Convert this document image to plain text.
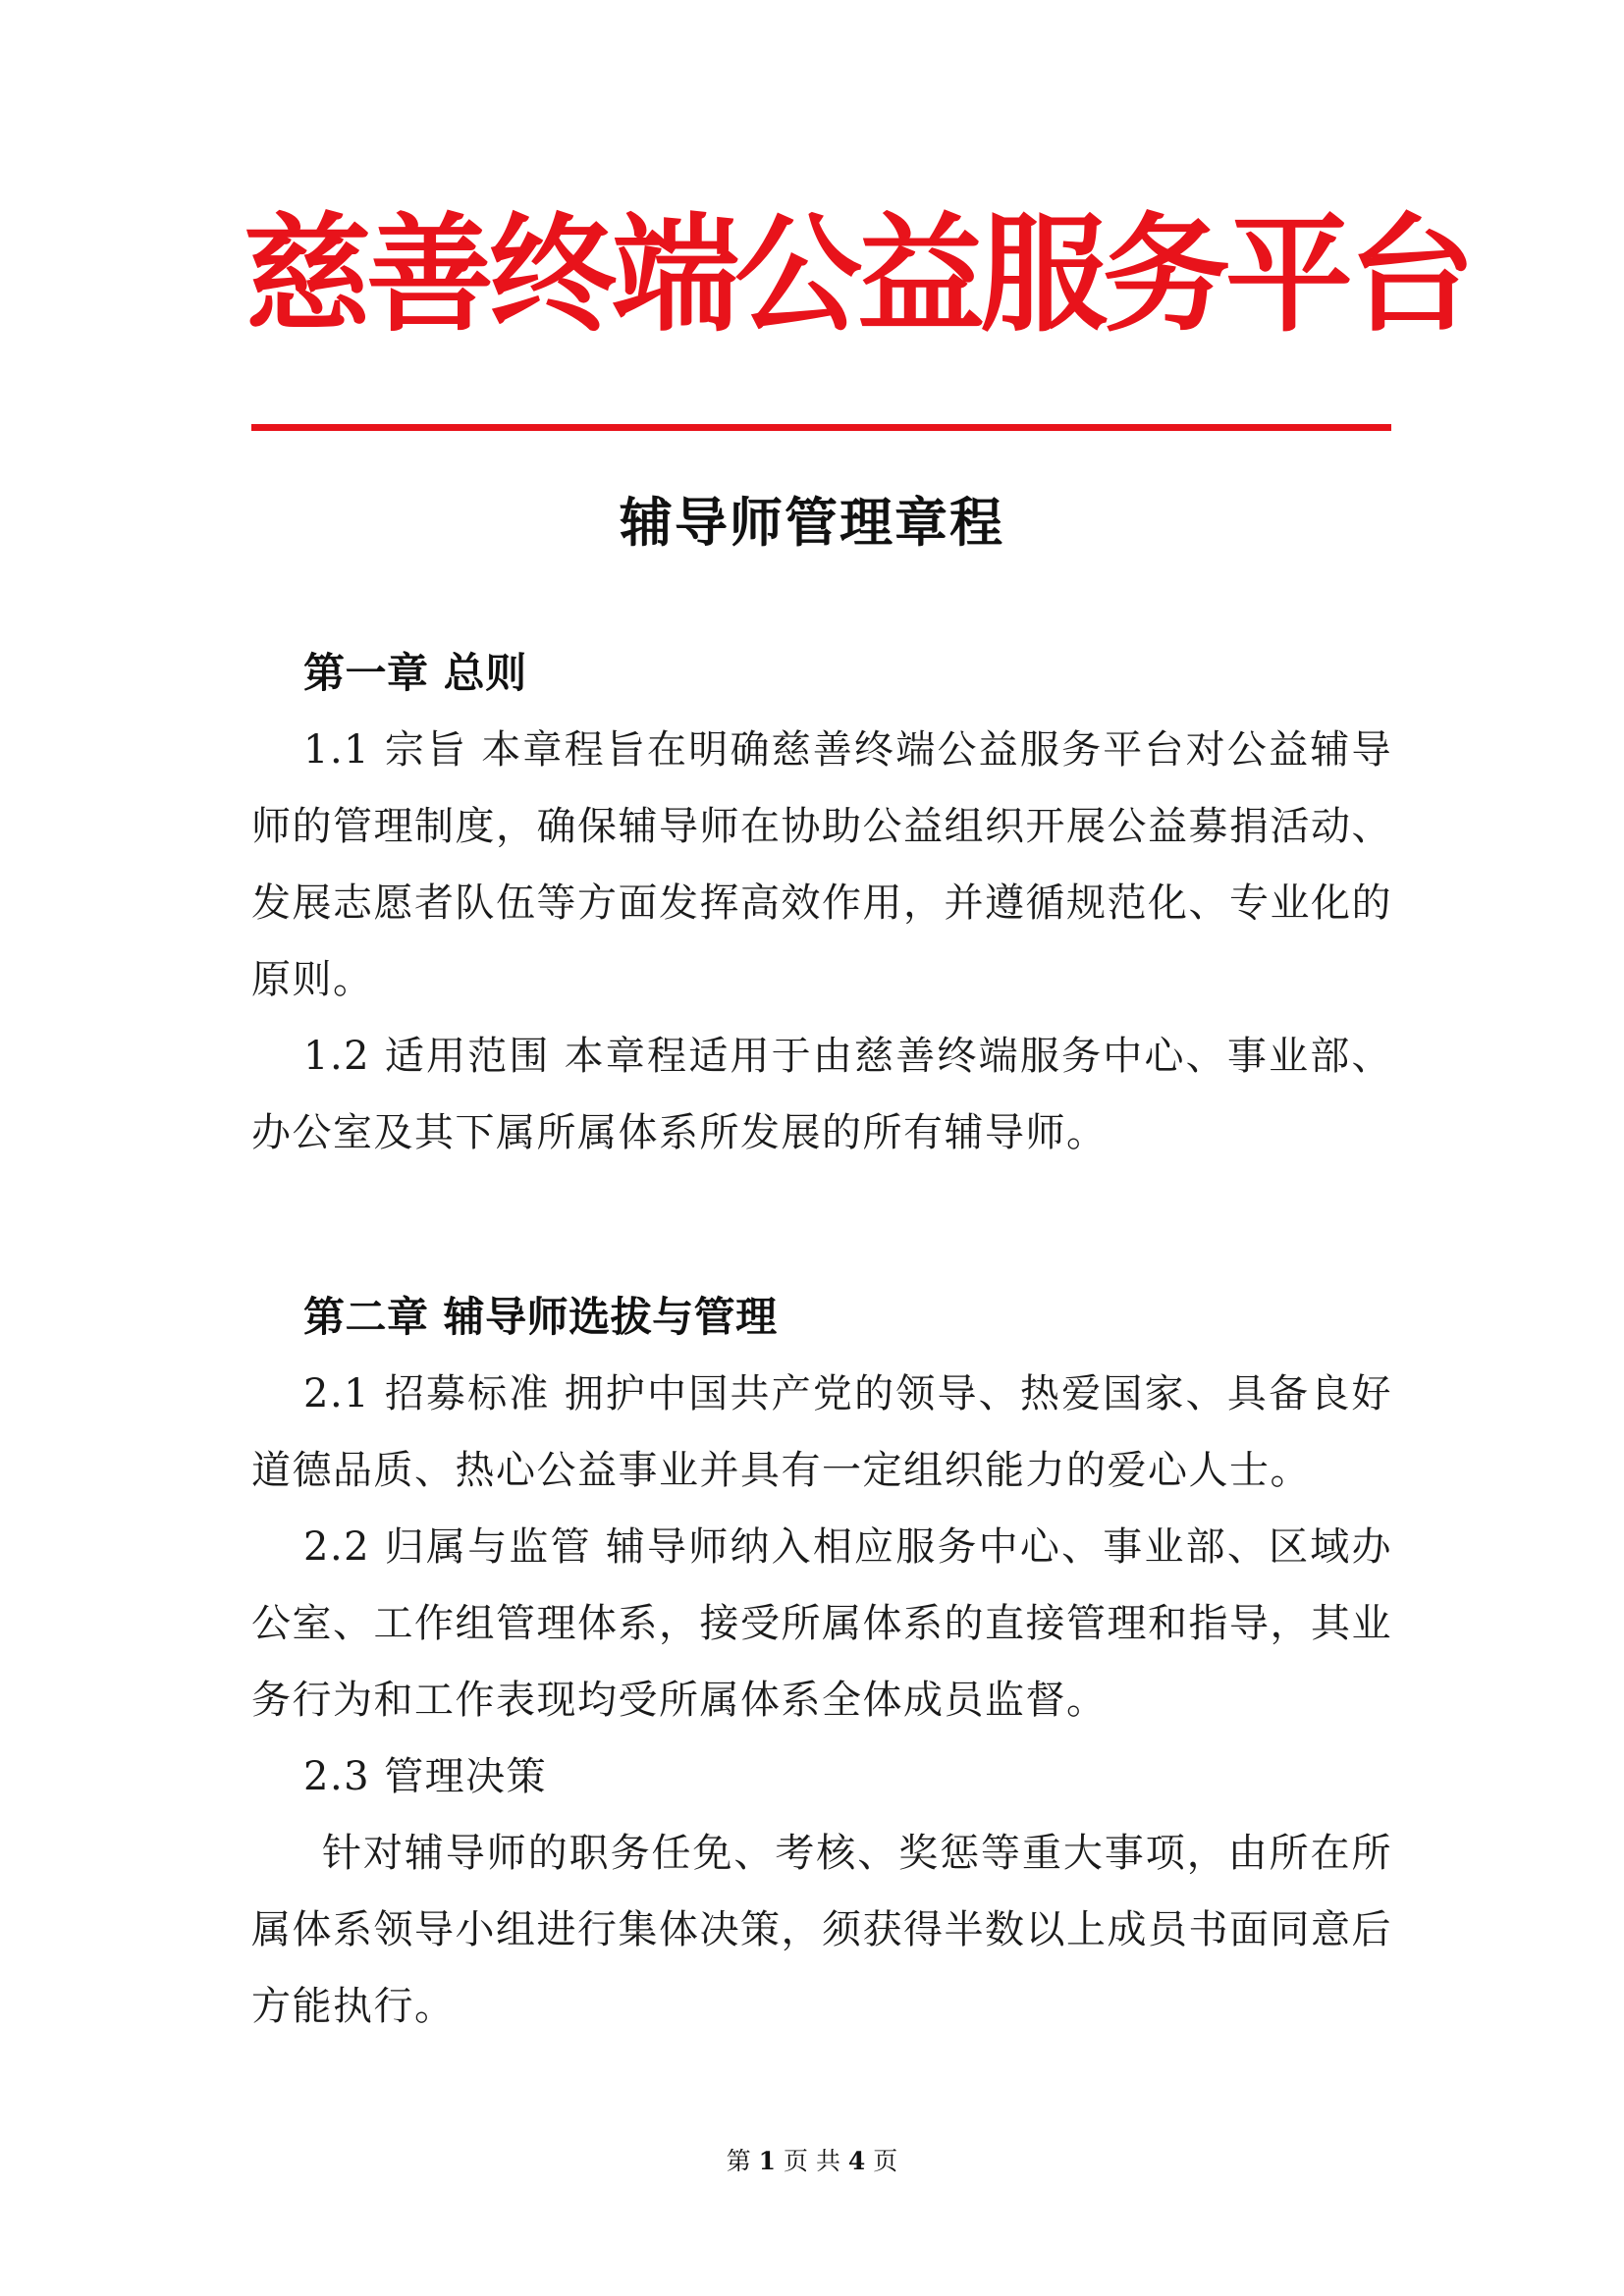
慈善终端公益服务平台
辅导师管理章程
第一章 总则

1.1 宗旨 本章程旨在明确慈善终端公益服务平台对公益辅导师的管理制度，确保辅导师在协助公益组织开展公益募捐活动、发展志愿者队伍等方面发挥高效作用，并遵循规范化、专业化的原则。

1.2 适用范围 本章程适用于由慈善终端服务中心、事业部、办公室及其下属所属体系所发展的所有辅导师。

第二章 辅导师选拔与管理

2.1 招募标准 拥护中国共产党的领导、热爱国家、具备良好道德品质、热心公益事业并具有一定组织能力的爱心人士。

2.2 归属与监管 辅导师纳入相应服务中心、事业部、区域办公室、工作组管理体系，接受所属体系的直接管理和指导，其业务行为和工作表现均受所属体系全体成员监督。

2.3 管理决策

针对辅导师的职务任免、考核、奖惩等重大事项，由所在所属体系领导小组进行集体决策，须获得半数以上成员书面同意后方能执行。

第 1 页 共 4 页
